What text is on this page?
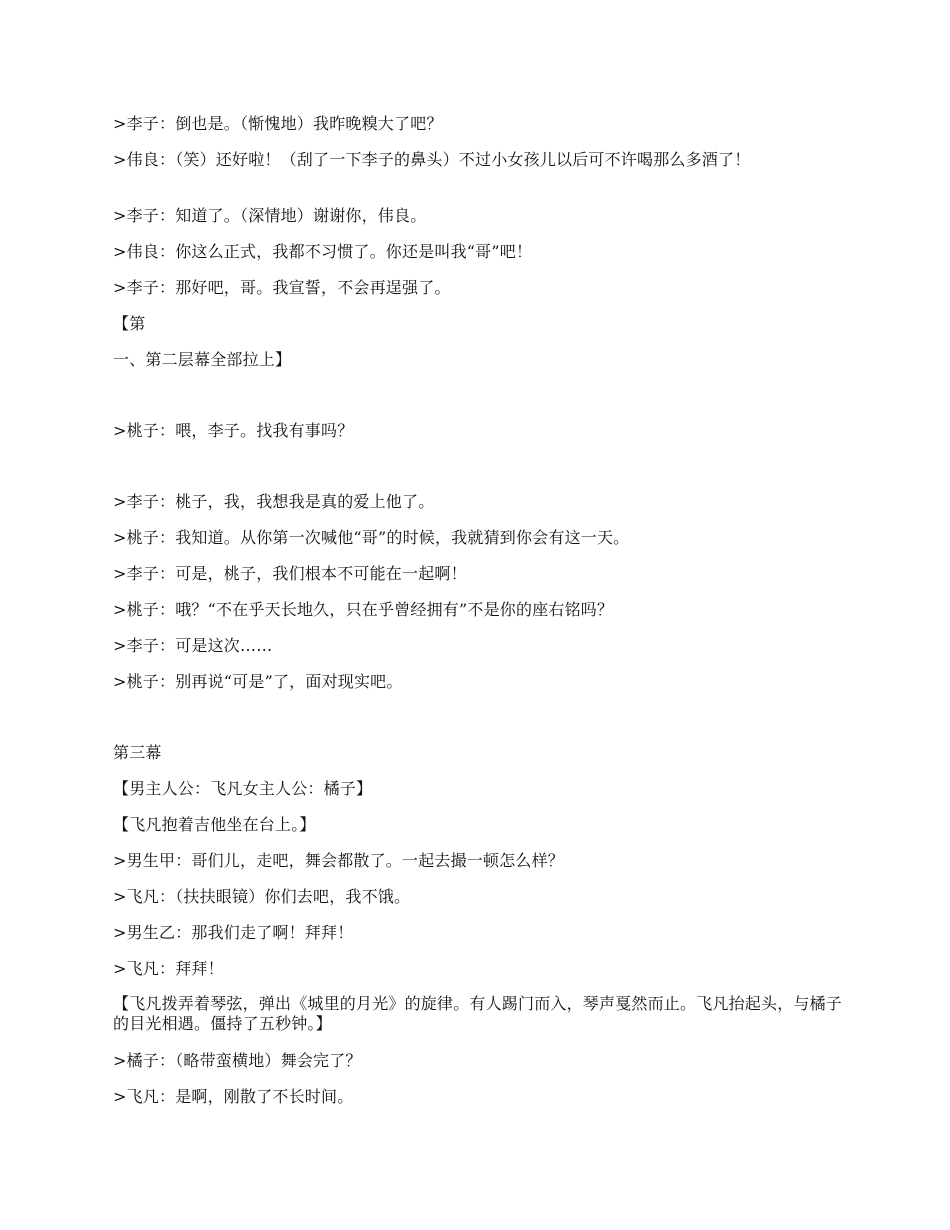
>李子：倒也是。（惭愧地）我昨晚糗大了吧？
>伟良：（笑）还好啦！（刮了一下李子的鼻头）不过小女孩儿以后可不许喝那么多酒了！
>李子：知道了。（深情地）谢谢你，伟良。
>伟良：你这么正式，我都不习惯了。你还是叫我“哥”吧！
>李子：那好吧，哥。我宣誓，不会再逞强了。
【第
一、第二层幕全部拉上】
>桃子：喂，李子。找我有事吗？
>李子：桃子，我，我想我是真的爱上他了。
>桃子：我知道。从你第一次喊他“哥”的时候，我就猜到你会有这一天。
>李子：可是，桃子，我们根本不可能在一起啊！
>桃子：哦？“不在乎天长地久，只在乎曾经拥有”不是你的座右铭吗？
>李子：可是这次……
>桃子：别再说“可是”了，面对现实吧。
第三幕
【男主人公：飞凡女主人公：橘子】
【飞凡抱着吉他坐在台上。】
>男生甲：哥们儿，走吧，舞会都散了。一起去撮一顿怎么样？
>飞凡：（扶扶眼镜）你们去吧，我不饿。
>男生乙：那我们走了啊！拜拜！
>飞凡：拜拜！
【飞凡拨弄着琴弦，弹出《城里的月光》的旋律。有人踢门而入，琴声戛然而止。飞凡抬起头，与橘子的目光相遇。僵持了五秒钟。】
>橘子：（略带蛮横地）舞会完了？
>飞凡：是啊，刚散了不长时间。
